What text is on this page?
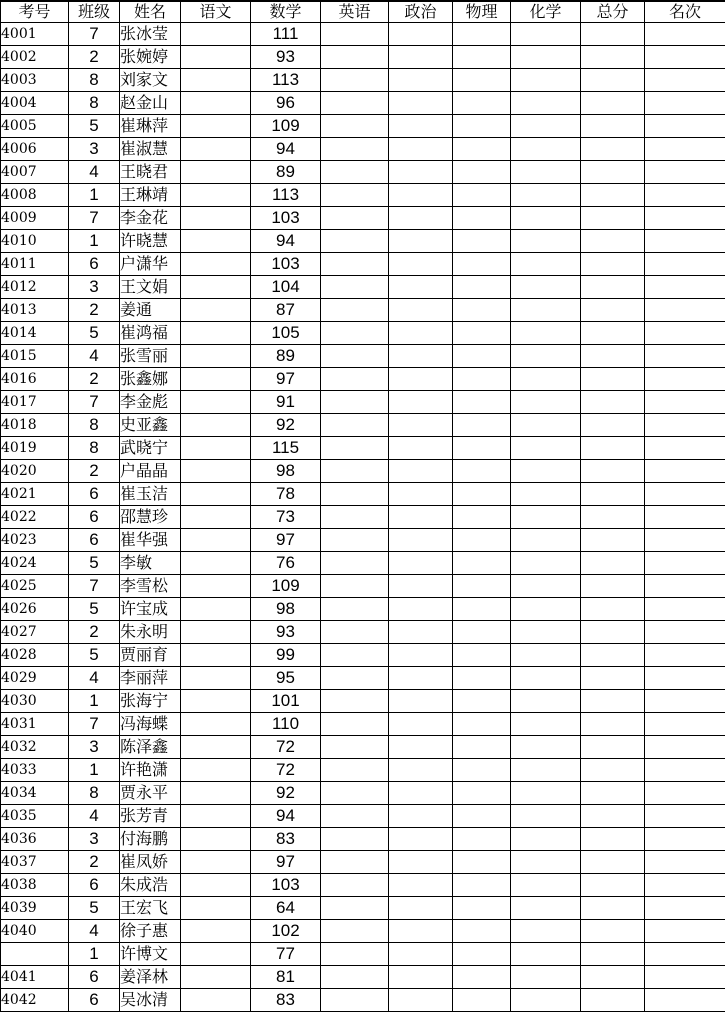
考号	班级	姓名	语文	数学	英语	政治	物理	化学	总分	名次
4001	7	张冰莹		111						
4002	2	张婉婷		93						
4003	8	刘家文		113						
4004	8	赵金山		96						
4005	5	崔琳萍		109						
4006	3	崔淑慧		94						
4007	4	王晓君		89						
4008	1	王琳靖		113						
4009	7	李金花		103						
4010	1	许晓慧		94						
4011	6	户潇华		103						
4012	3	王文娟		104						
4013	2	姜通		87						
4014	5	崔鸿福		105						
4015	4	张雪丽		89						
4016	2	张鑫娜		97						
4017	7	李金彪		91						
4018	8	史亚鑫		92						
4019	8	武晓宁		115						
4020	2	户晶晶		98						
4021	6	崔玉洁		78						
4022	6	邵慧珍		73						
4023	6	崔华强		97						
4024	5	李敏		76						
4025	7	李雪松		109						
4026	5	许宝成		98						
4027	2	朱永明		93						
4028	5	贾丽育		99						
4029	4	李丽萍		95						
4030	1	张海宁		101						
4031	7	冯海蝶		110						
4032	3	陈泽鑫		72						
4033	1	许艳潇		72						
4034	8	贾永平		92						
4035	4	张芳青		94						
4036	3	付海鹏		83						
4037	2	崔凤娇		97						
4038	6	朱成浩		103						
4039	5	王宏飞		64						
4040	4	徐子惠		102						
	1	许博文		77						
4041	6	姜泽林		81						
4042	6	吴冰清		83						
